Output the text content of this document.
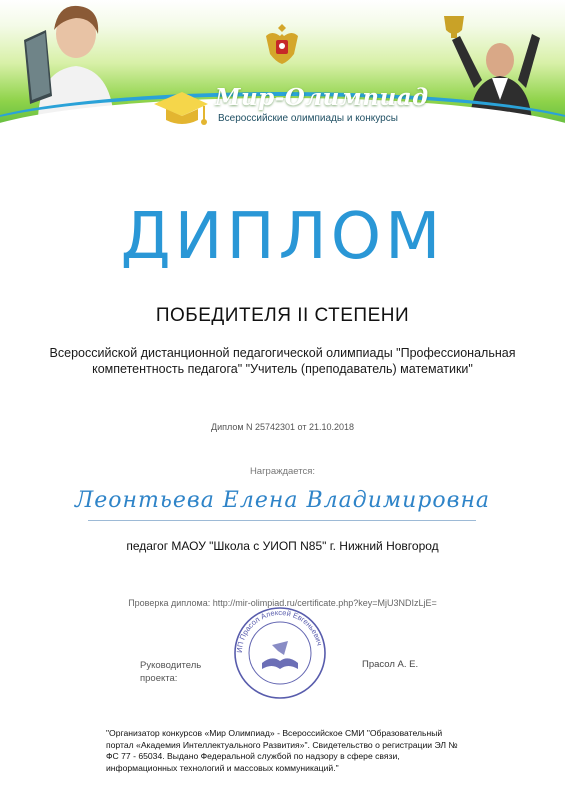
Мир-Олимпиад
Всероссийские олимпиады и конкурсы
ДИПЛОМ
ПОБЕДИТЕЛЯ II СТЕПЕНИ
Всероссийской дистанционной педагогической олимпиады "Профессиональная компетентность педагога" "Учитель (преподаватель) математики"
Диплом N 25742301 от 21.10.2018
Награждается:
Леонтьева Елена Владимировна
педагог МАОУ "Школа с УИОП N85" г. Нижний Новгород
Проверка диплома: http://mir-olimpiad.ru/certificate.php?key=MjU3NDIzLjE=
ИП Прасол Алексей Евгеньевич
Руководитель проекта:
Прасол А. Е.
"Организатор конкурсов «Мир Олимпиад» - Всероссийское СМИ "Образовательный портал «Академия Интеллектуального Развития»". Свидетельство о регистрации ЭЛ № ФС 77 - 65034. Выдано Федеральной службой по надзору в сфере связи, информационных технологий и массовых коммуникаций."
